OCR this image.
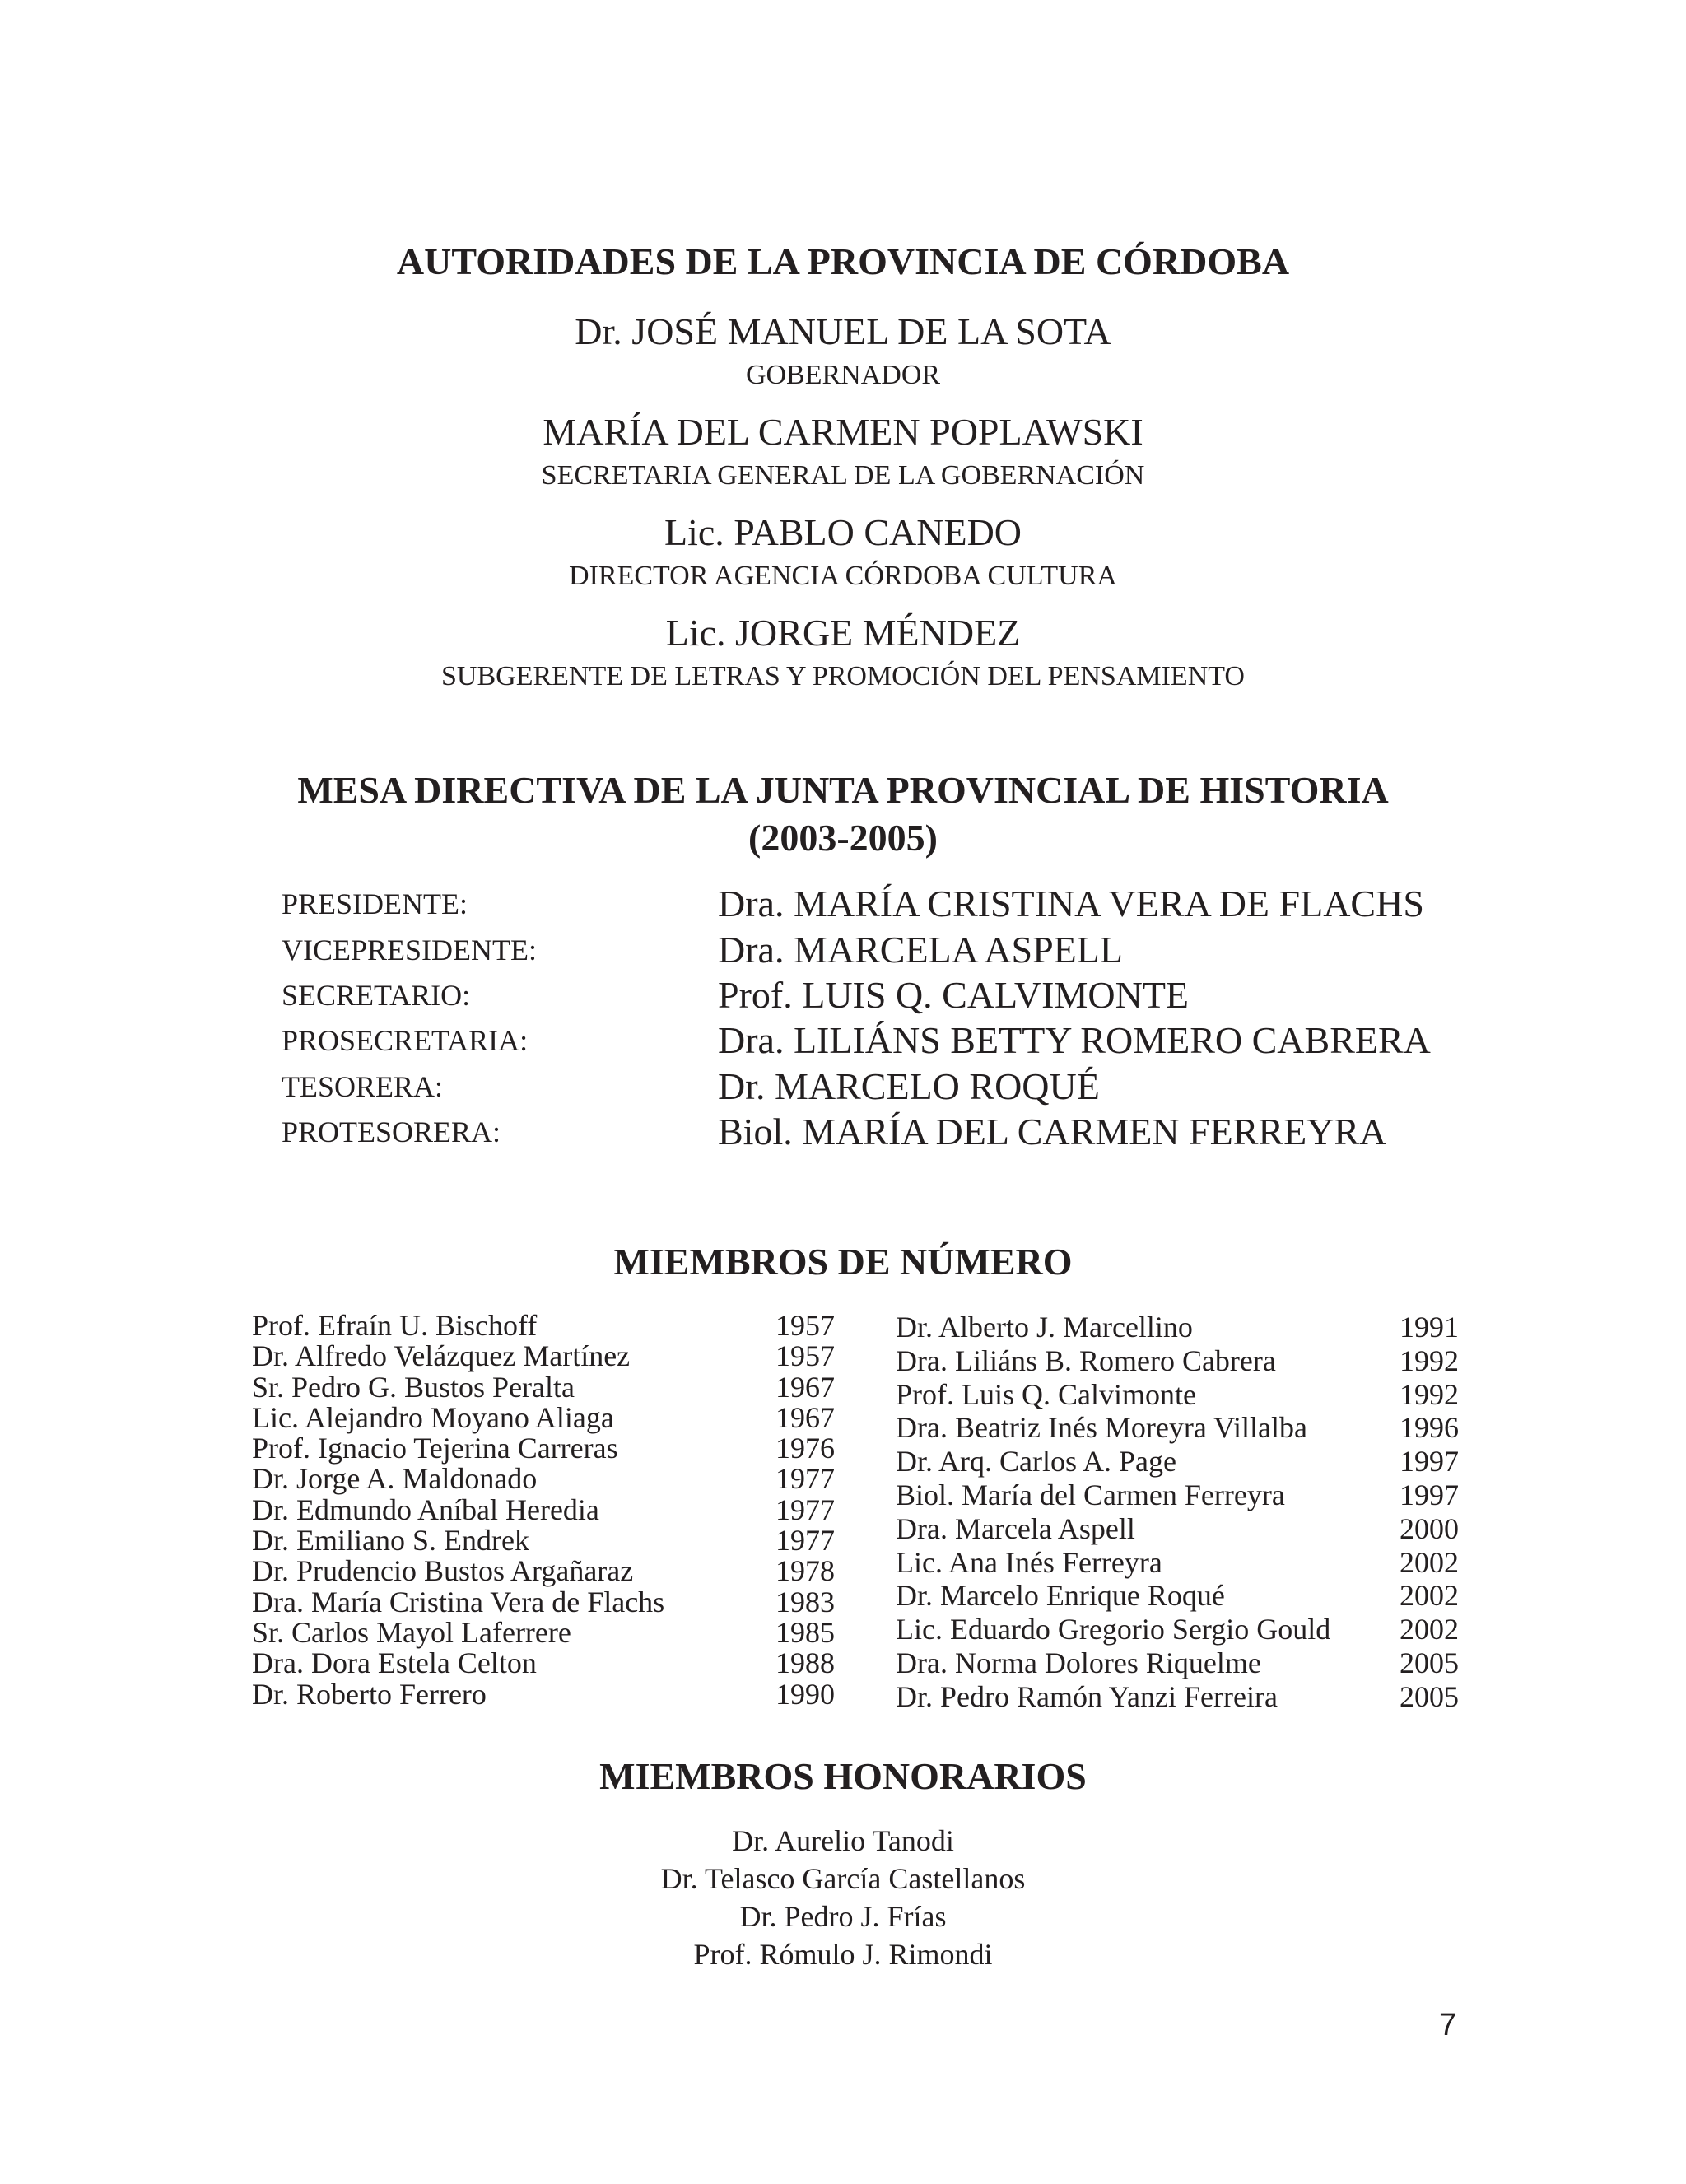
AUTORIDADES DE LA PROVINCIA DE CÓRDOBA
Dr. JOSÉ MANUEL DE LA SOTA
GOBERNADOR
MARÍA DEL CARMEN POPLAWSKI
SECRETARIA GENERAL DE LA GOBERNACIÓN
Lic. PABLO CANEDO
DIRECTOR AGENCIA CÓRDOBA CULTURA
Lic. JORGE MÉNDEZ
SUBGERENTE DE LETRAS Y PROMOCIÓN DEL PENSAMIENTO
MESA DIRECTIVA DE LA JUNTA PROVINCIAL DE HISTORIA
(2003-2005)
PRESIDENTE:	Dra. MARÍA CRISTINA VERA DE FLACHS
VICEPRESIDENTE:	Dra. MARCELA ASPELL
SECRETARIO:	Prof. LUIS Q. CALVIMONTE
PROSECRETARIA:	Dra. LILIÁNS BETTY ROMERO CABRERA
TESORERA:	Dr. MARCELO ROQUÉ
PROTESORERA:	Biol. MARÍA DEL CARMEN FERREYRA
MIEMBROS DE NÚMERO
Prof. Efraín U. Bischoff	1957
Dr. Alfredo Velázquez Martínez	1957
Sr. Pedro G. Bustos Peralta	1967
Lic. Alejandro Moyano Aliaga	1967
Prof. Ignacio Tejerina Carreras	1976
Dr. Jorge A. Maldonado	1977
Dr. Edmundo Aníbal Heredia	1977
Dr. Emiliano S. Endrek	1977
Dr. Prudencio Bustos Argañaraz	1978
Dra. María Cristina Vera de Flachs	1983
Sr. Carlos Mayol Laferrere	1985
Dra. Dora Estela Celton	1988
Dr. Roberto Ferrero	1990
Dr. Alberto J. Marcellino	1991
Dra. Liliáns B. Romero Cabrera	1992
Prof. Luis Q. Calvimonte	1992
Dra. Beatriz Inés Moreyra Villalba	1996
Dr. Arq. Carlos A. Page	1997
Biol. María del Carmen Ferreyra	1997
Dra. Marcela Aspell	2000
Lic. Ana Inés Ferreyra	2002
Dr. Marcelo Enrique Roqué	2002
Lic. Eduardo Gregorio Sergio Gould 2002
Dra. Norma Dolores Riquelme	2005
Dr. Pedro Ramón Yanzi Ferreira	2005
MIEMBROS HONORARIOS
Dr. Aurelio Tanodi
Dr. Telasco García Castellanos
Dr. Pedro J. Frías
Prof. Rómulo J. Rimondi
7
